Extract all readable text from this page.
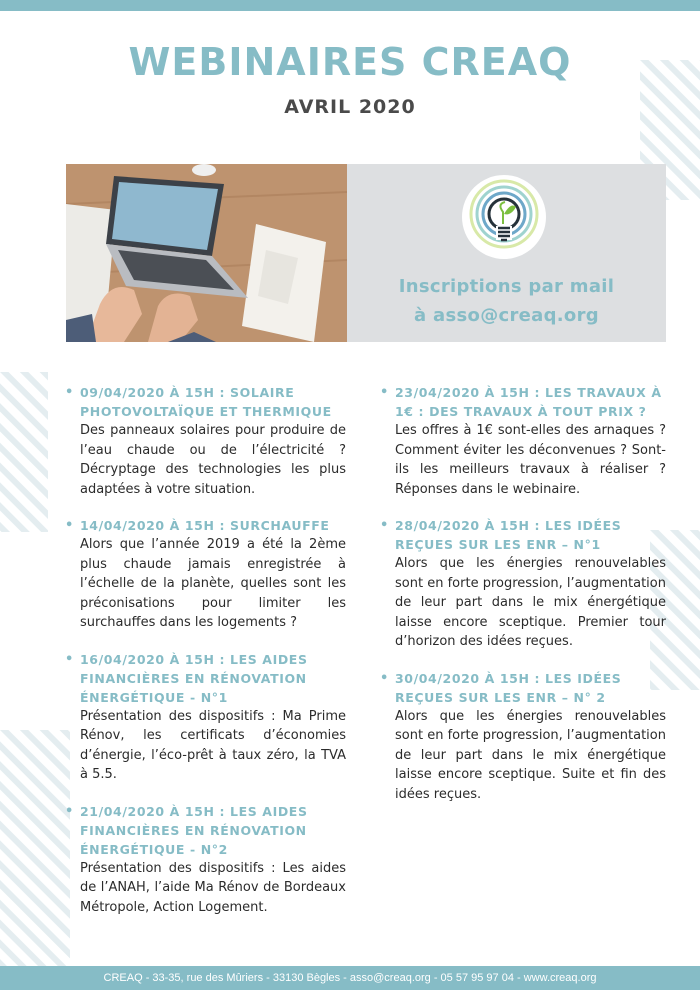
WEBINAIRES CREAQ
AVRIL 2020
Inscriptions par mail
à asso@creaq.org
• 09/04/2020 À 15H : SOLAIRE PHOTOVOLTAÏQUE ET THERMIQUE
Des panneaux solaires pour produire de l’eau chaude ou de l’électricité ? Décryptage des technologies les plus adaptées à votre situation.
• 14/04/2020 À 15H : SURCHAUFFE
Alors que l’année 2019 a été la 2ème plus chaude jamais enregistrée à l’échelle de la planète, quelles sont les préconisations pour limiter les surchauffes dans les logements ?
• 16/04/2020 À 15H : LES AIDES FINANCIÈRES EN RÉNOVATION ÉNERGÉTIQUE - N°1
Présentation des dispositifs : Ma Prime Rénov, les certificats d’économies d’énergie, l’éco-prêt à taux zéro, la TVA à 5.5.
• 21/04/2020 À 15H : LES AIDES FINANCIÈRES EN RÉNOVATION ÉNERGÉTIQUE - N°2
Présentation des dispositifs : Les aides de l’ANAH, l’aide Ma Rénov de Bordeaux Métropole, Action Logement.
• 23/04/2020 À 15H : LES TRAVAUX À 1€ : DES TRAVAUX À TOUT PRIX ?
Les offres à 1€ sont-elles des arnaques ? Comment éviter les déconvenues ? Sont-ils les meilleurs travaux à réaliser ? Réponses dans le webinaire.
• 28/04/2020 À 15H : LES IDÉES REÇUES SUR LES ENR – N°1
Alors que les énergies renouvelables sont en forte progression, l’augmentation de leur part dans le mix énergétique laisse encore sceptique. Premier tour d’horizon des idées reçues.
• 30/04/2020 À 15H : LES IDÉES REÇUES SUR LES ENR – N° 2
Alors que les énergies renouvelables sont en forte progression, l’augmentation de leur part dans le mix énergétique laisse encore sceptique. Suite et fin des idées reçues.
CREAQ - 33-35, rue des Mûriers - 33130 Bègles - asso@creaq.org - 05 57 95 97 04 - www.creaq.org
